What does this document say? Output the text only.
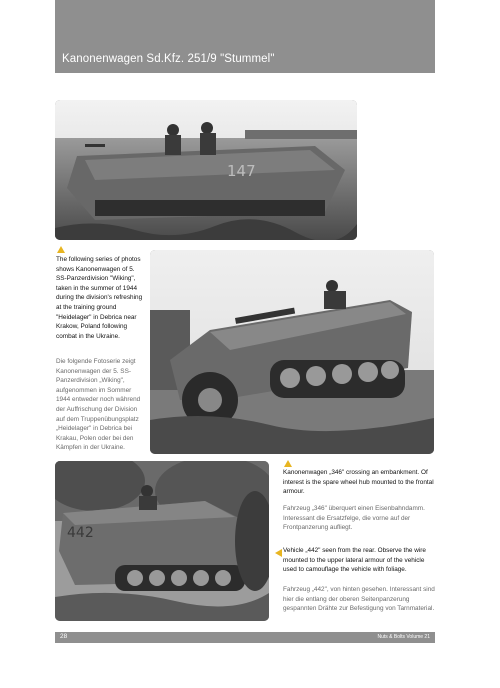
Kanonenwagen Sd.Kfz. 251/9 "Stummel"
147
The following series of photos shows Kanonenwagen of 5. SS-Panzerdivision "Wiking", taken in the summer of 1944 during the division's refreshing at the training ground "Heidelager" in Debrica near Krakow, Poland following combat in the Ukraine.
Die folgende Fotoserie zeigt Kanonenwagen der 5. SS-Panzerdivision „Wiking", aufgenommen im Sommer 1944 entweder noch während der Auffrischung der Division auf dem Truppenübungsplatz „Heidelager" in Debrica bei Krakau, Polen oder bei den Kämpfen in der Ukraine.
442
Kanonenwagen „346" crossing an embankment. Of interest is the spare wheel hub mounted to the frontal armour.
Fahrzeug „346" überquert einen Eisenbahndamm. Interessant die Ersatzfelge, die vorne auf der Frontpanzerung aufliegt.
Vehicle „442" seen from the rear. Observe the wire mounted to the upper lateral armour of the vehicle used to camouflage the vehicle with foliage.
Fahrzeug „442", von hinten gesehen. Interessant sind hier die entlang der oberen Seitenpanzerung gespannten Drähte zur Befestigung von Tarnmaterial.
28	Nuts & Bolts Volume 21
